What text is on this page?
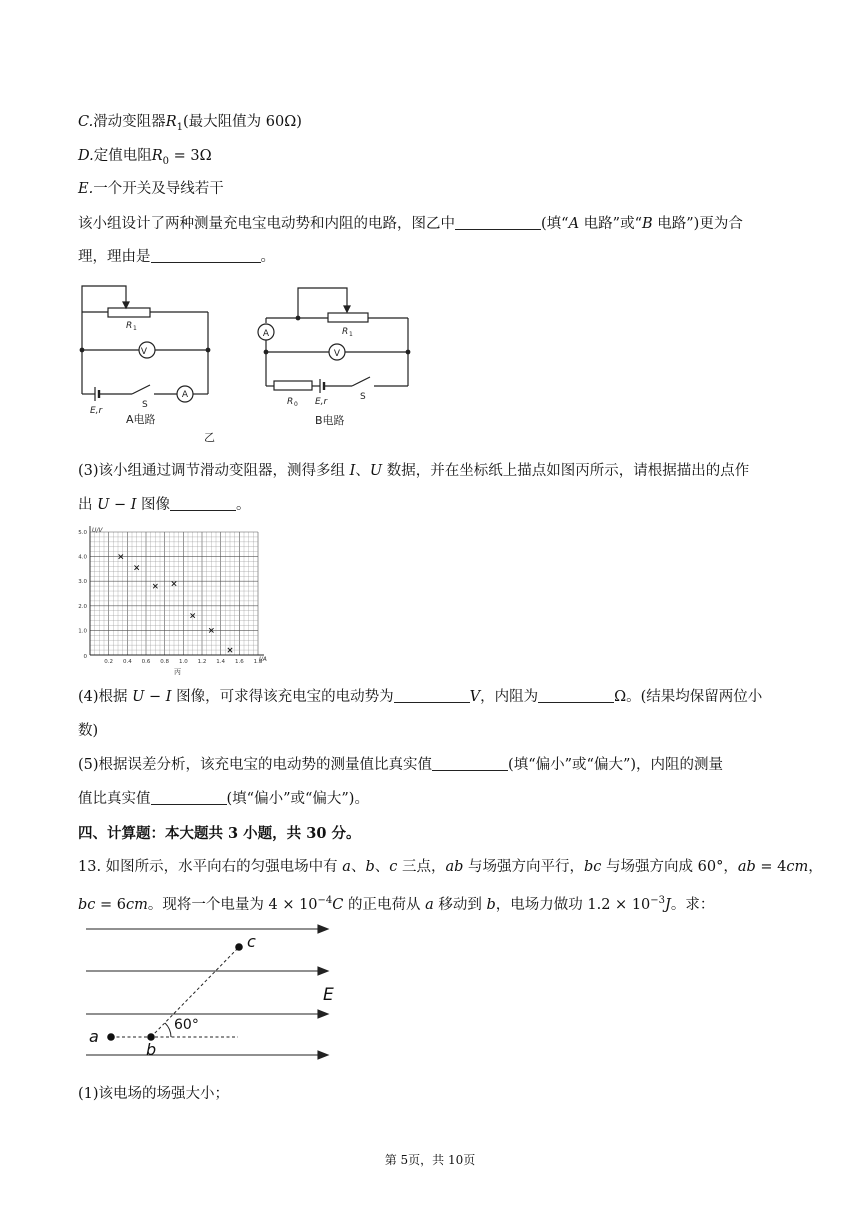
C.滑动变阻器$R_1$(最大阻值为 60Ω)
D.定值电阻$R_0 = 3\Omega$
E.一个开关及导线若干
该小组设计了两种测量充电宝电动势和内阻的电路，图乙中	(填“A 电路”或“B 电路”)更为合
理，理由是	。
R 1
V
A
E,r
S
A电路
R 1
A
V
R 0 E,r	S
B电路
乙
(3)该小组通过调节滑动变阻器，测得多组 I、U 数据，并在坐标纸上描点如图丙所示，请根据描出的点作
出 U − I 图像	。
0.2 0.4 0.6 0.8 1.0 1.2 1.4 1.6 1.8
1.0
2.0
3.0
4.0
5.0
0
U/V
I/A
丙
(4)根据 U − I 图像，可求得该充电宝的电动势为	V，内阻为	Ω。(结果均保留两位小
数)
(5)根据误差分析，该充电宝的电动势的测量值比真实值	(填“偏小”或“偏大”)，内阻的测量
值比真实值	(填“偏小”或“偏大”)。
四、计算题：本大题共 3 小题，共 30 分。
13. 如图所示，水平向右的匀强电场中有 a、b、c 三点，ab 与场强方向平行，bc 与场强方向成 60°，ab = 4cm，
bc = 6cm。现将一个电量为 $4 \times 10^{-4}C$ 的正电荷从 a 移动到 b，电场力做功 $1.2 \times 10^{-3}J$。求：
a
b
c
E
60°
(1)该电场的场强大小；
第 5页，共 10页
